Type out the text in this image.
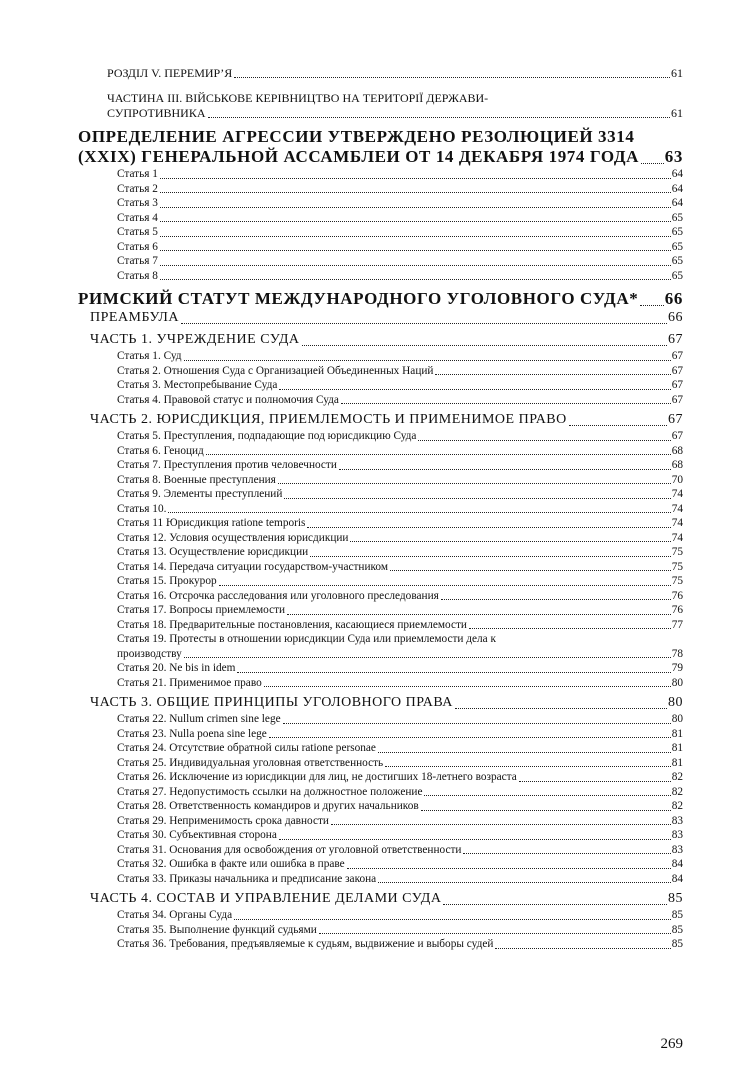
РОЗДІЛ V. ПЕРЕМИР’Я	61
ЧАСТИНА III. ВІЙСЬКОВЕ КЕРІВНИЦТВО НА ТЕРИТОРІЇ ДЕРЖАВИ-
СУПРОТИВНИКА	61
ОПРЕДЕЛЕНИЕ АГРЕССИИ УТВЕРЖДЕНО РЕЗОЛЮЦИЕЙ 3314
(XXIX) ГЕНЕРАЛЬНОЙ АССАМБЛЕИ ОТ 14 ДЕКАБРЯ 1974 ГОДА 63
Статья 1	64
Статья 2	64
Статья 3	64
Статья 4	65
Статья 5	65
Статья 6	65
Статья 7	65
Статья 8	65
РИМСКИЙ СТАТУТ МЕЖДУНАРОДНОГО УГОЛОВНОГО СУДА* 66
ПРЕАМБУЛА	66
ЧАСТЬ 1. УЧРЕЖДЕНИЕ СУДА	67
Статья 1. Суд	67
Статья 2. Отношения Суда с Организацией Объединенных Наций	67
Статья 3. Местопребывание Суда	67
Статья 4. Правовой статус и полномочия Суда	67
ЧАСТЬ 2. ЮРИСДИКЦИЯ, ПРИЕМЛЕМОСТЬ И ПРИМЕНИМОЕ ПРАВО	67
Статья 5. Преступления, подпадающие под юрисдикцию Суда	67
Статья 6. Геноцид	68
Статья 7. Преступления против человечности	68
Статья 8. Военные преступления	70
Статья 9. Элементы преступлений	74
Статья 10.	74
Статья 11 Юрисдикция ratione temporis	74
Статья 12. Условия осуществления юрисдикции	74
Статья 13. Осуществление юрисдикции	75
Статья 14. Передача ситуации государством-участником	75
Статья 15. Прокурор	75
Статья 16. Отсрочка расследования или уголовного преследования	76
Статья 17. Вопросы приемлемости	76
Статья 18. Предварительные постановления, касающиеся приемлемости	77
Статья 19. Протесты в отношении юрисдикции Суда или приемлемости дела к
производству	78
Статья 20. Ne bis in idem	79
Статья 21. Применимое право	80
ЧАСТЬ 3. ОБЩИЕ ПРИНЦИПЫ УГОЛОВНОГО ПРАВА	80
Статья 22. Nullum crimen sine lege	80
Статья 23. Nulla poena sine lege	81
Статья 24. Отсутствие обратной силы ratione personae	81
Статья 25. Индивидуальная уголовная ответственность	81
Статья 26. Исключение из юрисдикции для лиц, не достигших 18-летнего возраста	82
Статья 27. Недопустимость ссылки на должностное положение	82
Статья 28. Ответственность командиров и других начальников	82
Статья 29. Неприменимость срока давности	83
Статья 30. Субъективная сторона	83
Статья 31. Основания для освобождения от уголовной ответственности	83
Статья 32. Ошибка в факте или ошибка в праве	84
Статья 33. Приказы начальника и предписание закона	84
ЧАСТЬ 4. СОСТАВ И УПРАВЛЕНИЕ ДЕЛАМИ СУДА	85
Статья 34. Органы Суда	85
Статья 35. Выполнение функций судьями	85
Статья 36. Требования, предъявляемые к судьям, выдвижение и выборы судей	85
269
